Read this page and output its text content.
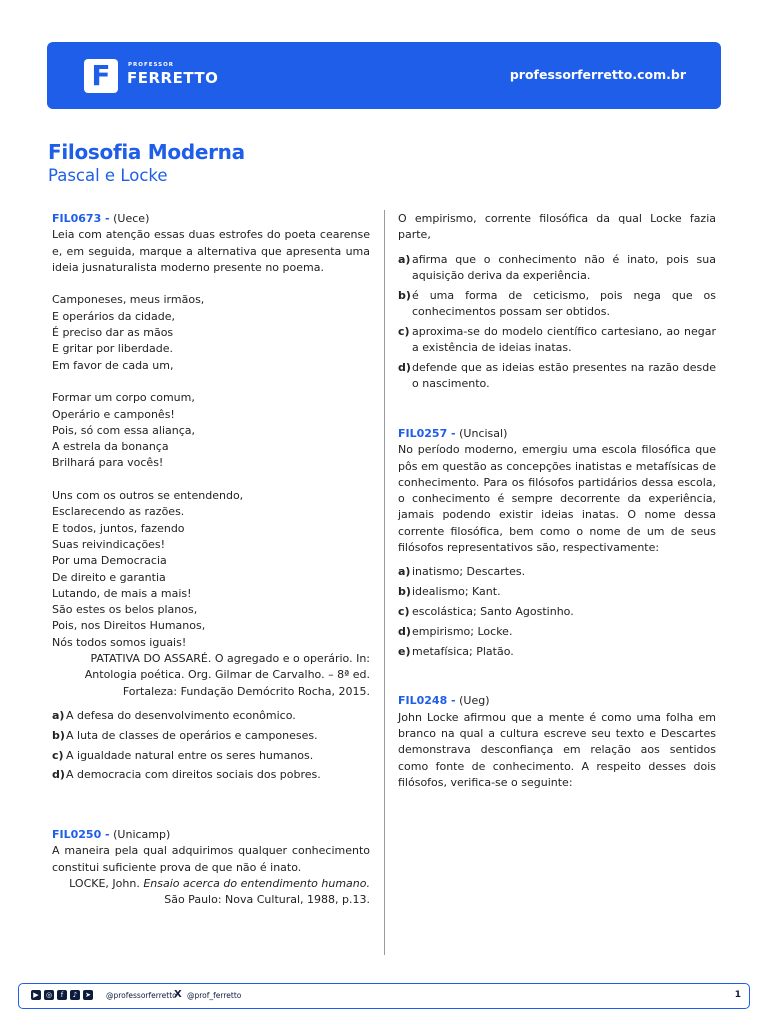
F	PROFESSOR
FERRETTO	professorferretto.com.br
Filosofia Moderna
Pascal e Locke
FIL0673 - (Uece)
Leia com atenção essas duas estrofes do poeta cearense e, em seguida, marque a alternativa que apresenta uma ideia jusnaturalista moderno presente no poema.
Camponeses, meus irmãos,
E operários da cidade,
É preciso dar as mãos
E gritar por liberdade.
Em favor de cada um,
Formar um corpo comum,
Operário e camponês!
Pois, só com essa aliança,
A estrela da bonança
Brilhará para vocês!
Uns com os outros se entendendo,
Esclarecendo as razões.
E todos, juntos, fazendo
Suas reivindicações!
Por uma Democracia
De direito e garantia
Lutando, de mais a mais!
São estes os belos planos,
Pois, nos Direitos Humanos,
Nós todos somos iguais!
PATATIVA DO ASSARÉ. O agregado e o operário. In:
Antologia poética. Org. Gilmar de Carvalho. – 8ª ed.
Fortaleza: Fundação Demócrito Rocha, 2015.
a) A defesa do desenvolvimento econômico.
b) A luta de classes de operários e camponeses.
c) A igualdade natural entre os seres humanos.
d) A democracia com direitos sociais dos pobres.
FIL0250 - (Unicamp)
A maneira pela qual adquirimos qualquer conhecimento constitui suficiente prova de que não é inato.
LOCKE, John. Ensaio acerca do entendimento humano.
São Paulo: Nova Cultural, 1988, p.13.
O empirismo, corrente filosófica da qual Locke fazia parte,
a) afirma que o conhecimento não é inato, pois sua aquisição deriva da experiência.
b) é uma forma de ceticismo, pois nega que os conhecimentos possam ser obtidos.
c) aproxima-se do modelo científico cartesiano, ao negar a existência de ideias inatas.
d) defende que as ideias estão presentes na razão desde o nascimento.
FIL0257 - (Uncisal)
No período moderno, emergiu uma escola filosófica que pôs em questão as concepções inatistas e metafísicas de conhecimento. Para os filósofos partidários dessa escola, o conhecimento é sempre decorrente da experiência, jamais podendo existir ideias inatas. O nome dessa corrente filosófica, bem como o nome de um de seus filósofos representativos são, respectivamente:
a) inatismo; Descartes.
b) idealismo; Kant.
c) escolástica; Santo Agostinho.
d) empirismo; Locke.
e) metafísica; Platão.
FIL0248 - (Ueg)
John Locke afirmou que a mente é como uma folha em branco na qual a cultura escreve seu texto e Descartes demonstrava desconfiança em relação aos sentidos como fonte de conhecimento. A respeito desses dois filósofos, verifica-se o seguinte:
▶	◎	f	♪	➤ @professorferretto
X @prof_ferretto	1
